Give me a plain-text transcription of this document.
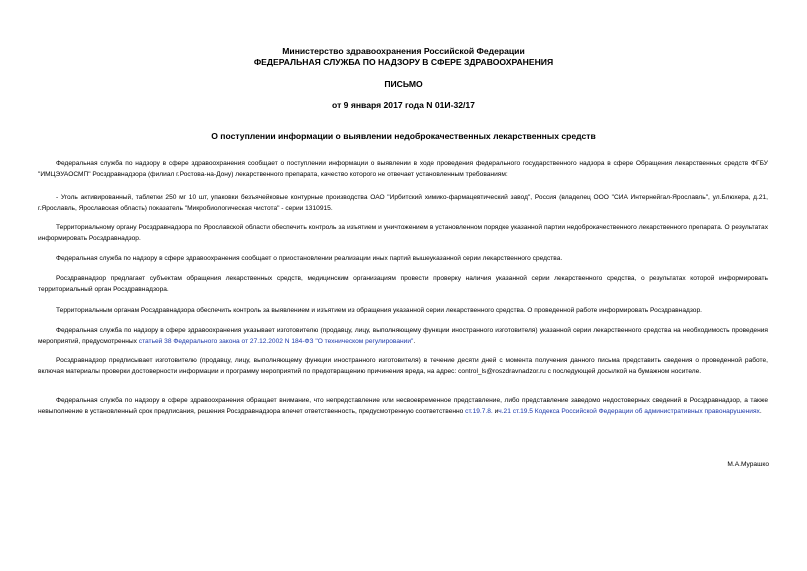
Министерство здравоохранения Российской Федерации
ФЕДЕРАЛЬНАЯ СЛУЖБА ПО НАДЗОРУ В СФЕРЕ ЗДРАВООХРАНЕНИЯ
ПИСЬМО
от 9 января 2017 года N 01И-32/17
О поступлении информации о выявлении недоброкачественных лекарственных средств

Федеральная служба по надзору в сфере здравоохранения сообщает о поступлении информации о выявлении в ходе проведения федерального государственного надзора в сфере Обращения лекарственных средств ФГБУ "ИМЦЭУАОСМП" Росздравнадзора (филиал г.Ростова-на-Дону) лекарственного препарата, качество которого не отвечает установленным требованиям:

- Уголь активированный, таблетки 250 мг 10 шт, упаковки безъячейковые контурные производства ОАО "Ирбитский химико-фармацевтический завод", Россия (владелец ООО "СИА Интернейгал-Ярославль", ул.Блюхера, д.21, г.Ярославль, Ярославская область) показатель "Микробиологическая чистота" - серии 1310915.

Территориальному органу Росздравнадзора по Ярославской области обеспечить контроль за изъятием и уничтожением в установленном порядке указанной партии недоброкачественного лекарственного препарата. О результатах информировать Росздравнадзор.

Федеральная служба по надзору в сфере здравоохранения сообщает о приостановлении реализации иных партий вышеуказанной серии лекарственного средства.

Росздравнадзор предлагает субъектам обращения лекарственных средств, медицинским организациям провести проверку наличия указанной серии лекарственного средства, о результатах которой информировать территориальный орган Росздравнадзора.

Территориальным органам Росздравнадзора обеспечить контроль за выявлением и изъятием из обращения указанной серии лекарственного средства. О проведенной работе информировать Росздравнадзор.

Федеральная служба по надзору в сфере здравоохранения указывает изготовителю (продавцу, лицу, выполняющему функции иностранного изготовителя) указанной серии лекарственного средства на необходимость проведения мероприятий, предусмотренных статьей 38 Федерального закона от 27.12.2002 N 184-ФЗ "О техническом регулировании".

Росздравнадзор предписывает изготовителю (продавцу, лицу, выполняющему функции иностранного изготовителя) в течение десяти дней с момента получения данного письма представить сведения о проведенной работе, включая материалы проверки достоверности информации и программу мероприятий по предотвращению причинения вреда, на адрес: control_ls@roszdravnadzor.ru с последующей досылкой на бумажном носителе.

Федеральная служба по надзору в сфере здравоохранения обращает внимание, что непредставление или несвоевременное представление, либо представление заведомо недостоверных сведений в Росздравнадзор, а также невыполнение в установленный срок предписания, решения Росздравнадзора влечет ответственность, предусмотренную соответственно ст.19.7.8. ич.21 ст.19.5 Кодекса Российской Федерации об административных правонарушениях.

М.А.Мурашко
